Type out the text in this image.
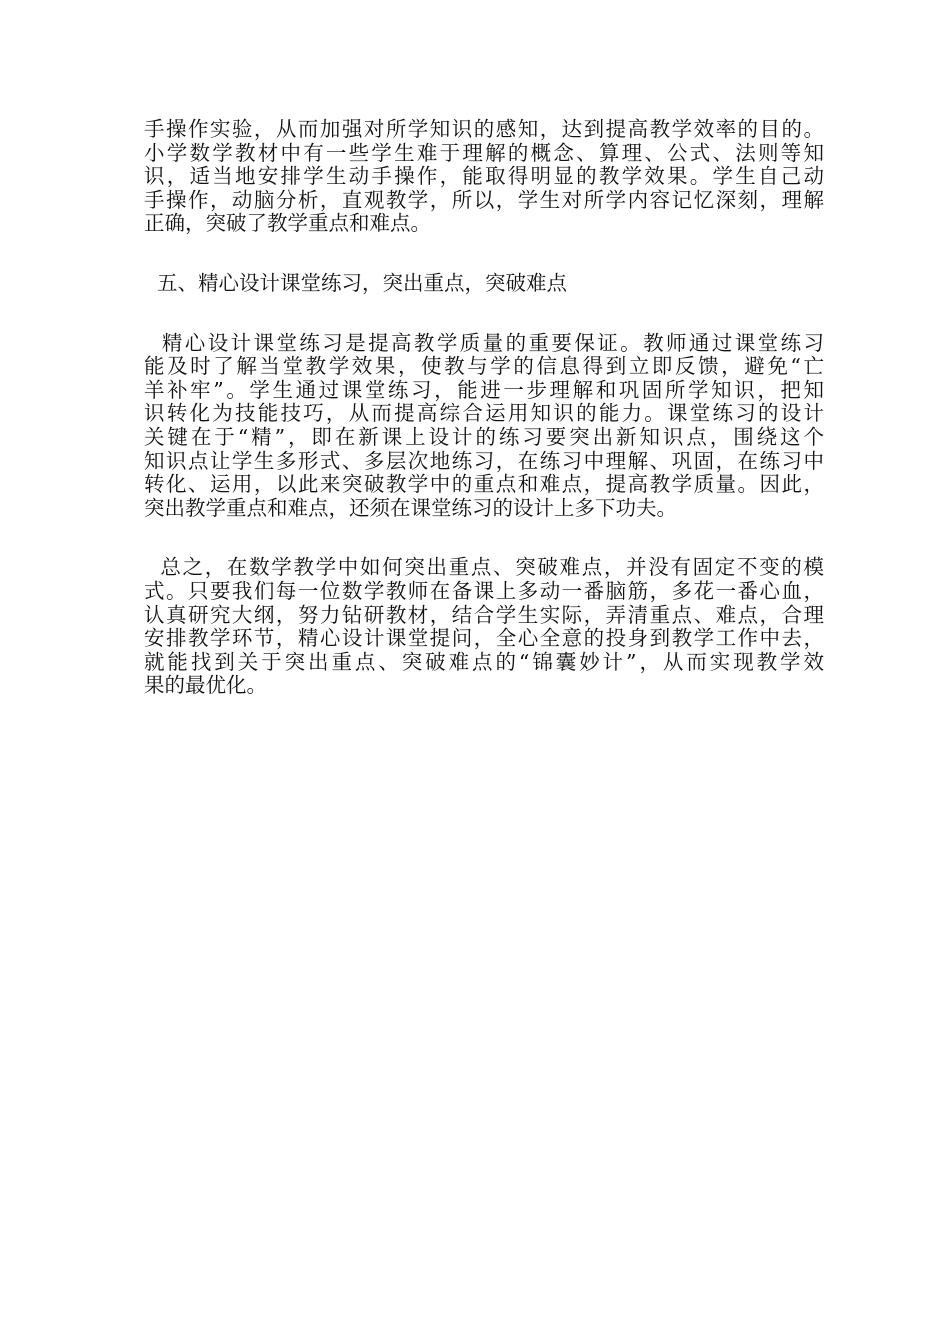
手操作实验，从而加强对所学知识的感知，达到提高教学效率的目的。
小学数学教材中有一些学生难于理解的概念、算理、公式、法则等知
识，适当地安排学生动手操作，能取得明显的教学效果。学生自己动
手操作，动脑分析，直观教学，所以，学生对所学内容记忆深刻，理解
正确，突破了教学重点和难点。
五、精心设计课堂练习，突出重点，突破难点
精心设计课堂练习是提高教学质量的重要保证。教师通过课堂练习
能及时了解当堂教学效果，使教与学的信息得到立即反馈，避免“亡
羊补牢”。学生通过课堂练习，能进一步理解和巩固所学知识，把知
识转化为技能技巧，从而提高综合运用知识的能力。课堂练习的设计
关键在于“精”，即在新课上设计的练习要突出新知识点，围绕这个
知识点让学生多形式、多层次地练习，在练习中理解、巩固，在练习中
转化、运用，以此来突破教学中的重点和难点，提高教学质量。因此，
突出教学重点和难点，还须在课堂练习的设计上多下功夫。
总之，在数学教学中如何突出重点、突破难点，并没有固定不变的模
式。只要我们每一位数学教师在备课上多动一番脑筋，多花一番心血，
认真研究大纲，努力钻研教材，结合学生实际，弄清重点、难点，合理
安排教学环节，精心设计课堂提问，全心全意的投身到教学工作中去，
就能找到关于突出重点、突破难点的“锦囊妙计”，从而实现教学效
果的最优化。
